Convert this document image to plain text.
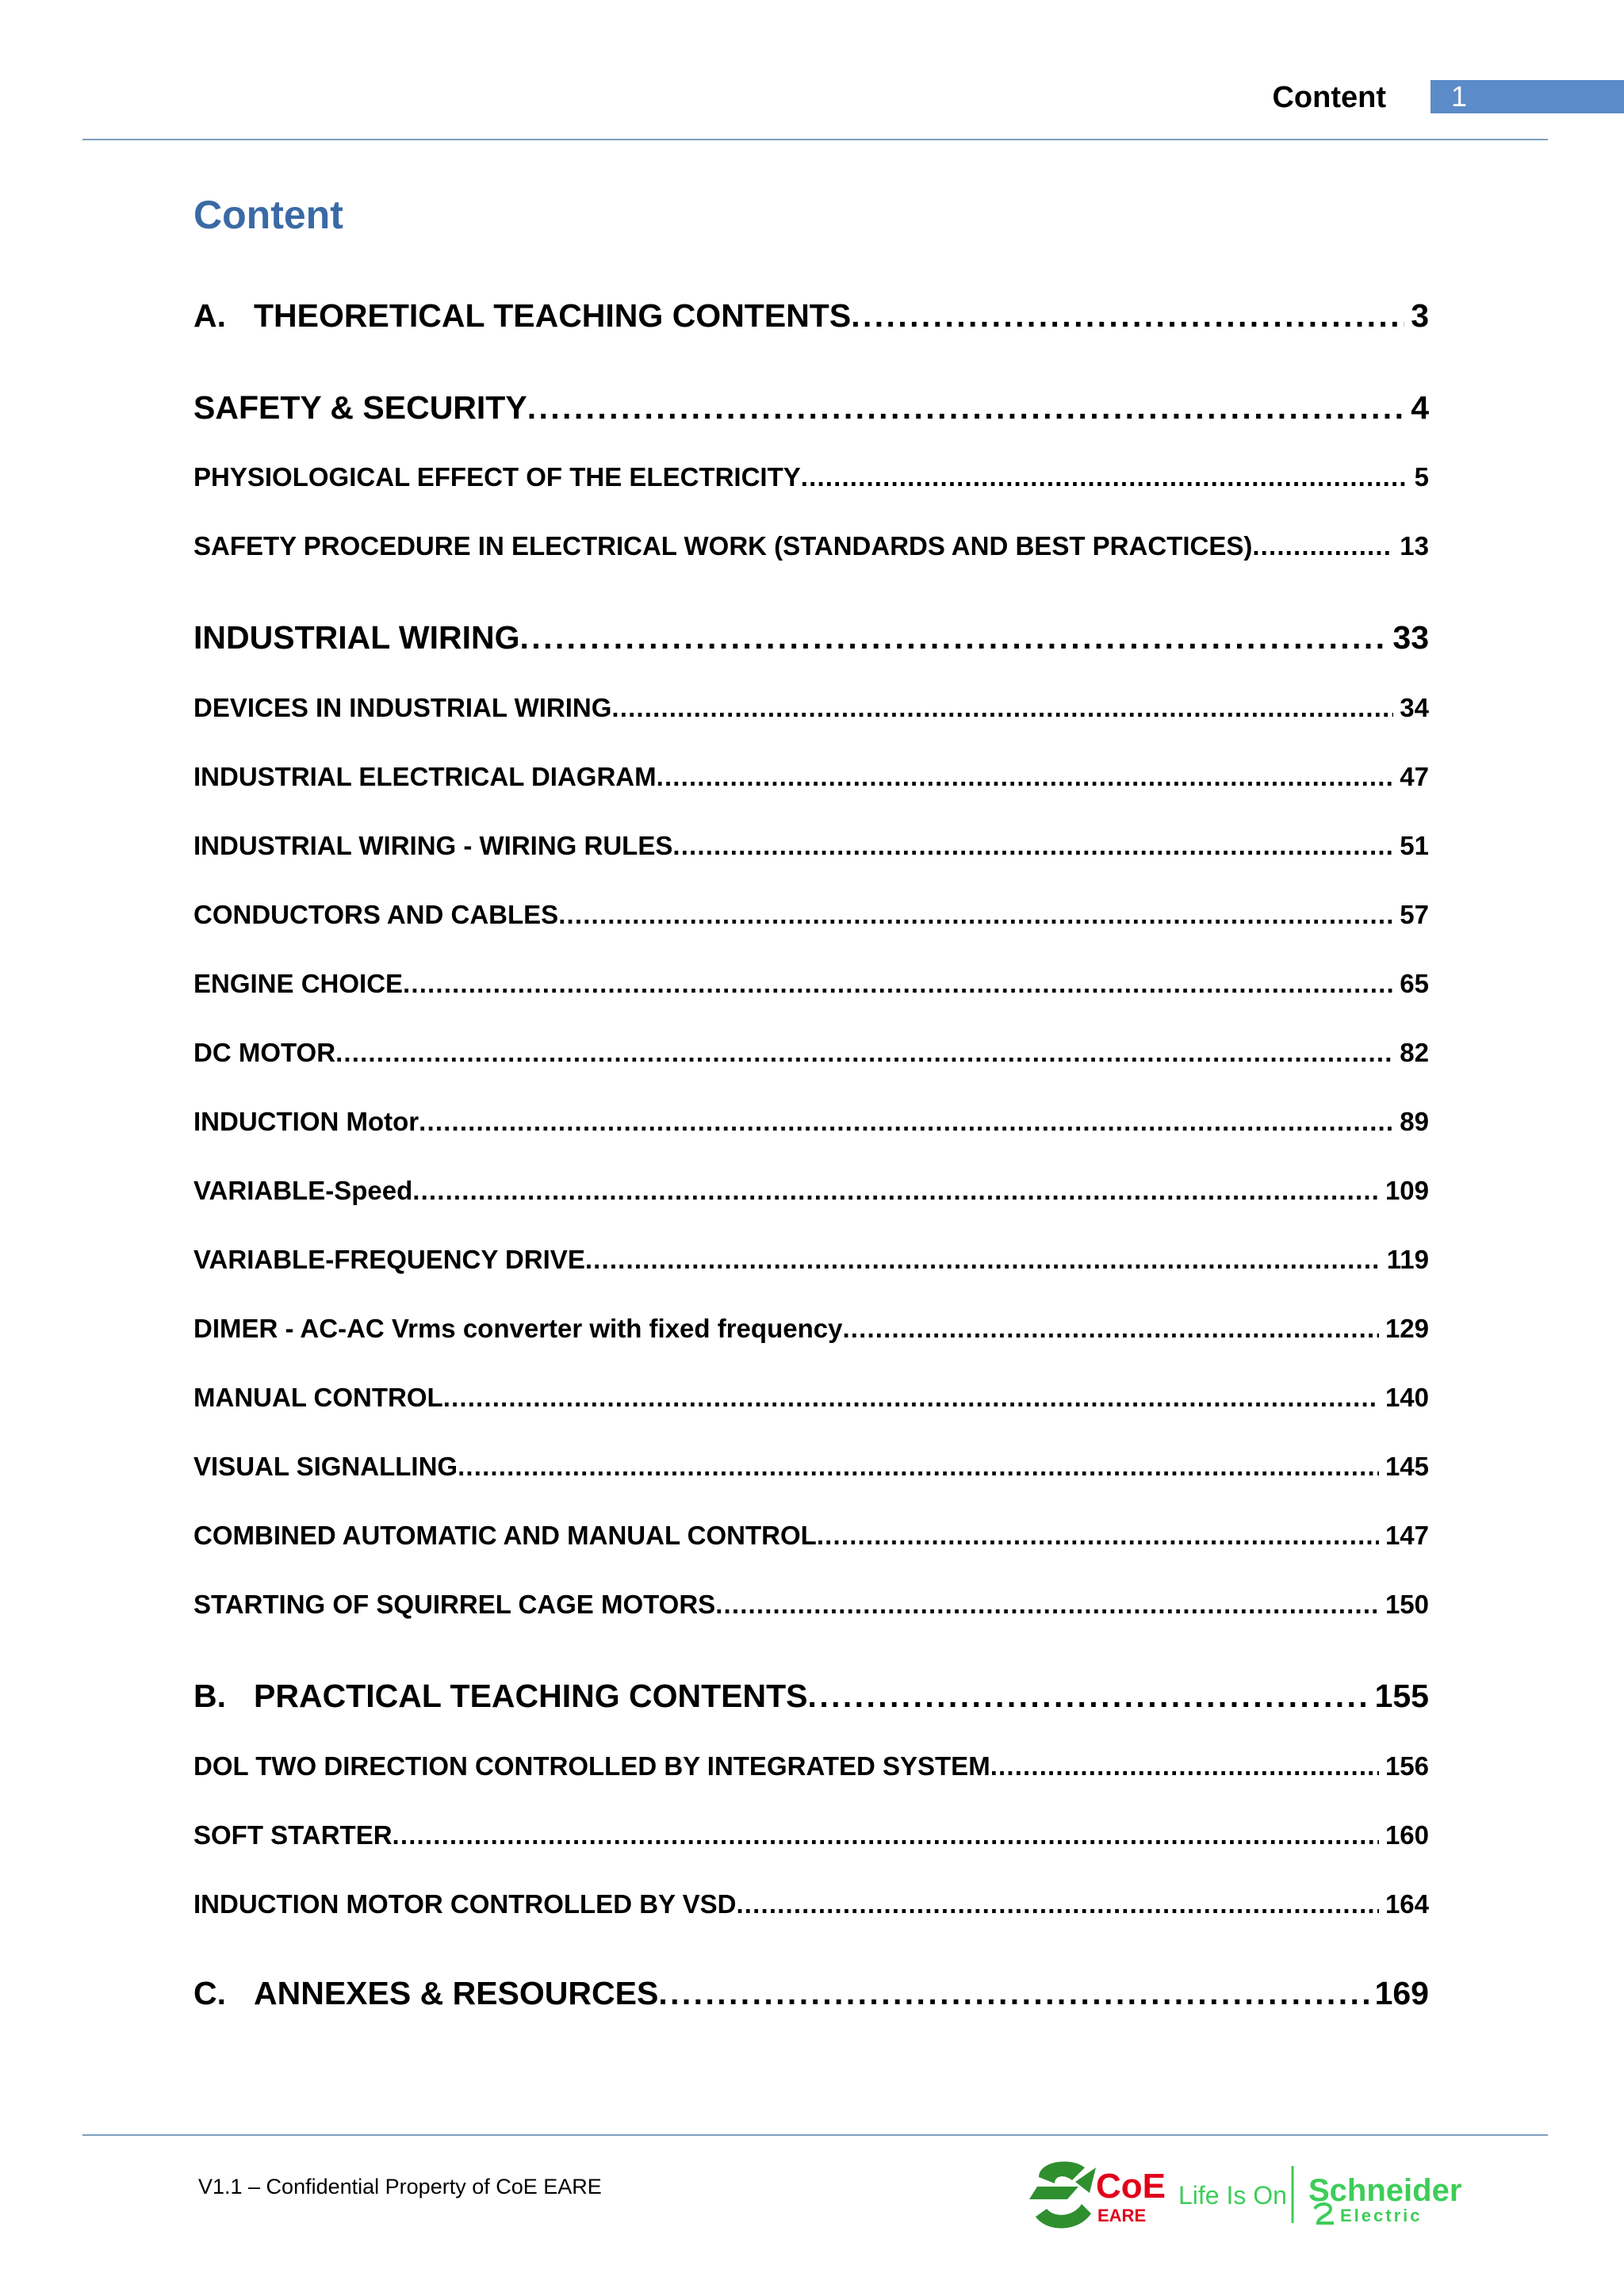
Content	1
Content
A. THEORETICAL TEACHING CONTENTS . . .	3
SAFETY & SECURITY . . .	4
PHYSIOLOGICAL EFFECT OF THE ELECTRICITY . . .	5
SAFETY PROCEDURE IN ELECTRICAL WORK (STANDARDS AND BEST PRACTICES) . . .	13
INDUSTRIAL WIRING . . .	33
DEVICES IN INDUSTRIAL WIRING . . .	34
INDUSTRIAL ELECTRICAL DIAGRAM . . .	47
INDUSTRIAL WIRING - WIRING RULES . . .	51
CONDUCTORS AND CABLES . . .	57
ENGINE CHOICE . . .	65
DC MOTOR . . .	82
INDUCTION Motor . . .	89
VARIABLE-Speed . . .	109
VARIABLE-FREQUENCY DRIVE . . .	119
DIMER - AC-AC Vrms converter with fixed frequency . . .	129
MANUAL CONTROL . . .	140
VISUAL SIGNALLING . . .	145
COMBINED AUTOMATIC AND MANUAL CONTROL . . .	147
STARTING OF SQUIRREL CAGE MOTORS . . .	150
B. PRACTICAL TEACHING CONTENTS . . .	155
DOL TWO DIRECTION CONTROLLED BY INTEGRATED SYSTEM . . .	156
SOFT STARTER . . .	160
INDUCTION MOTOR CONTROLLED BY VSD . . .	164
C. ANNEXES & RESOURCES . . .	169
V1.1 – Confidential Property of CoE EARE	CoE
EARE
Life Is On Schneider
Electric
